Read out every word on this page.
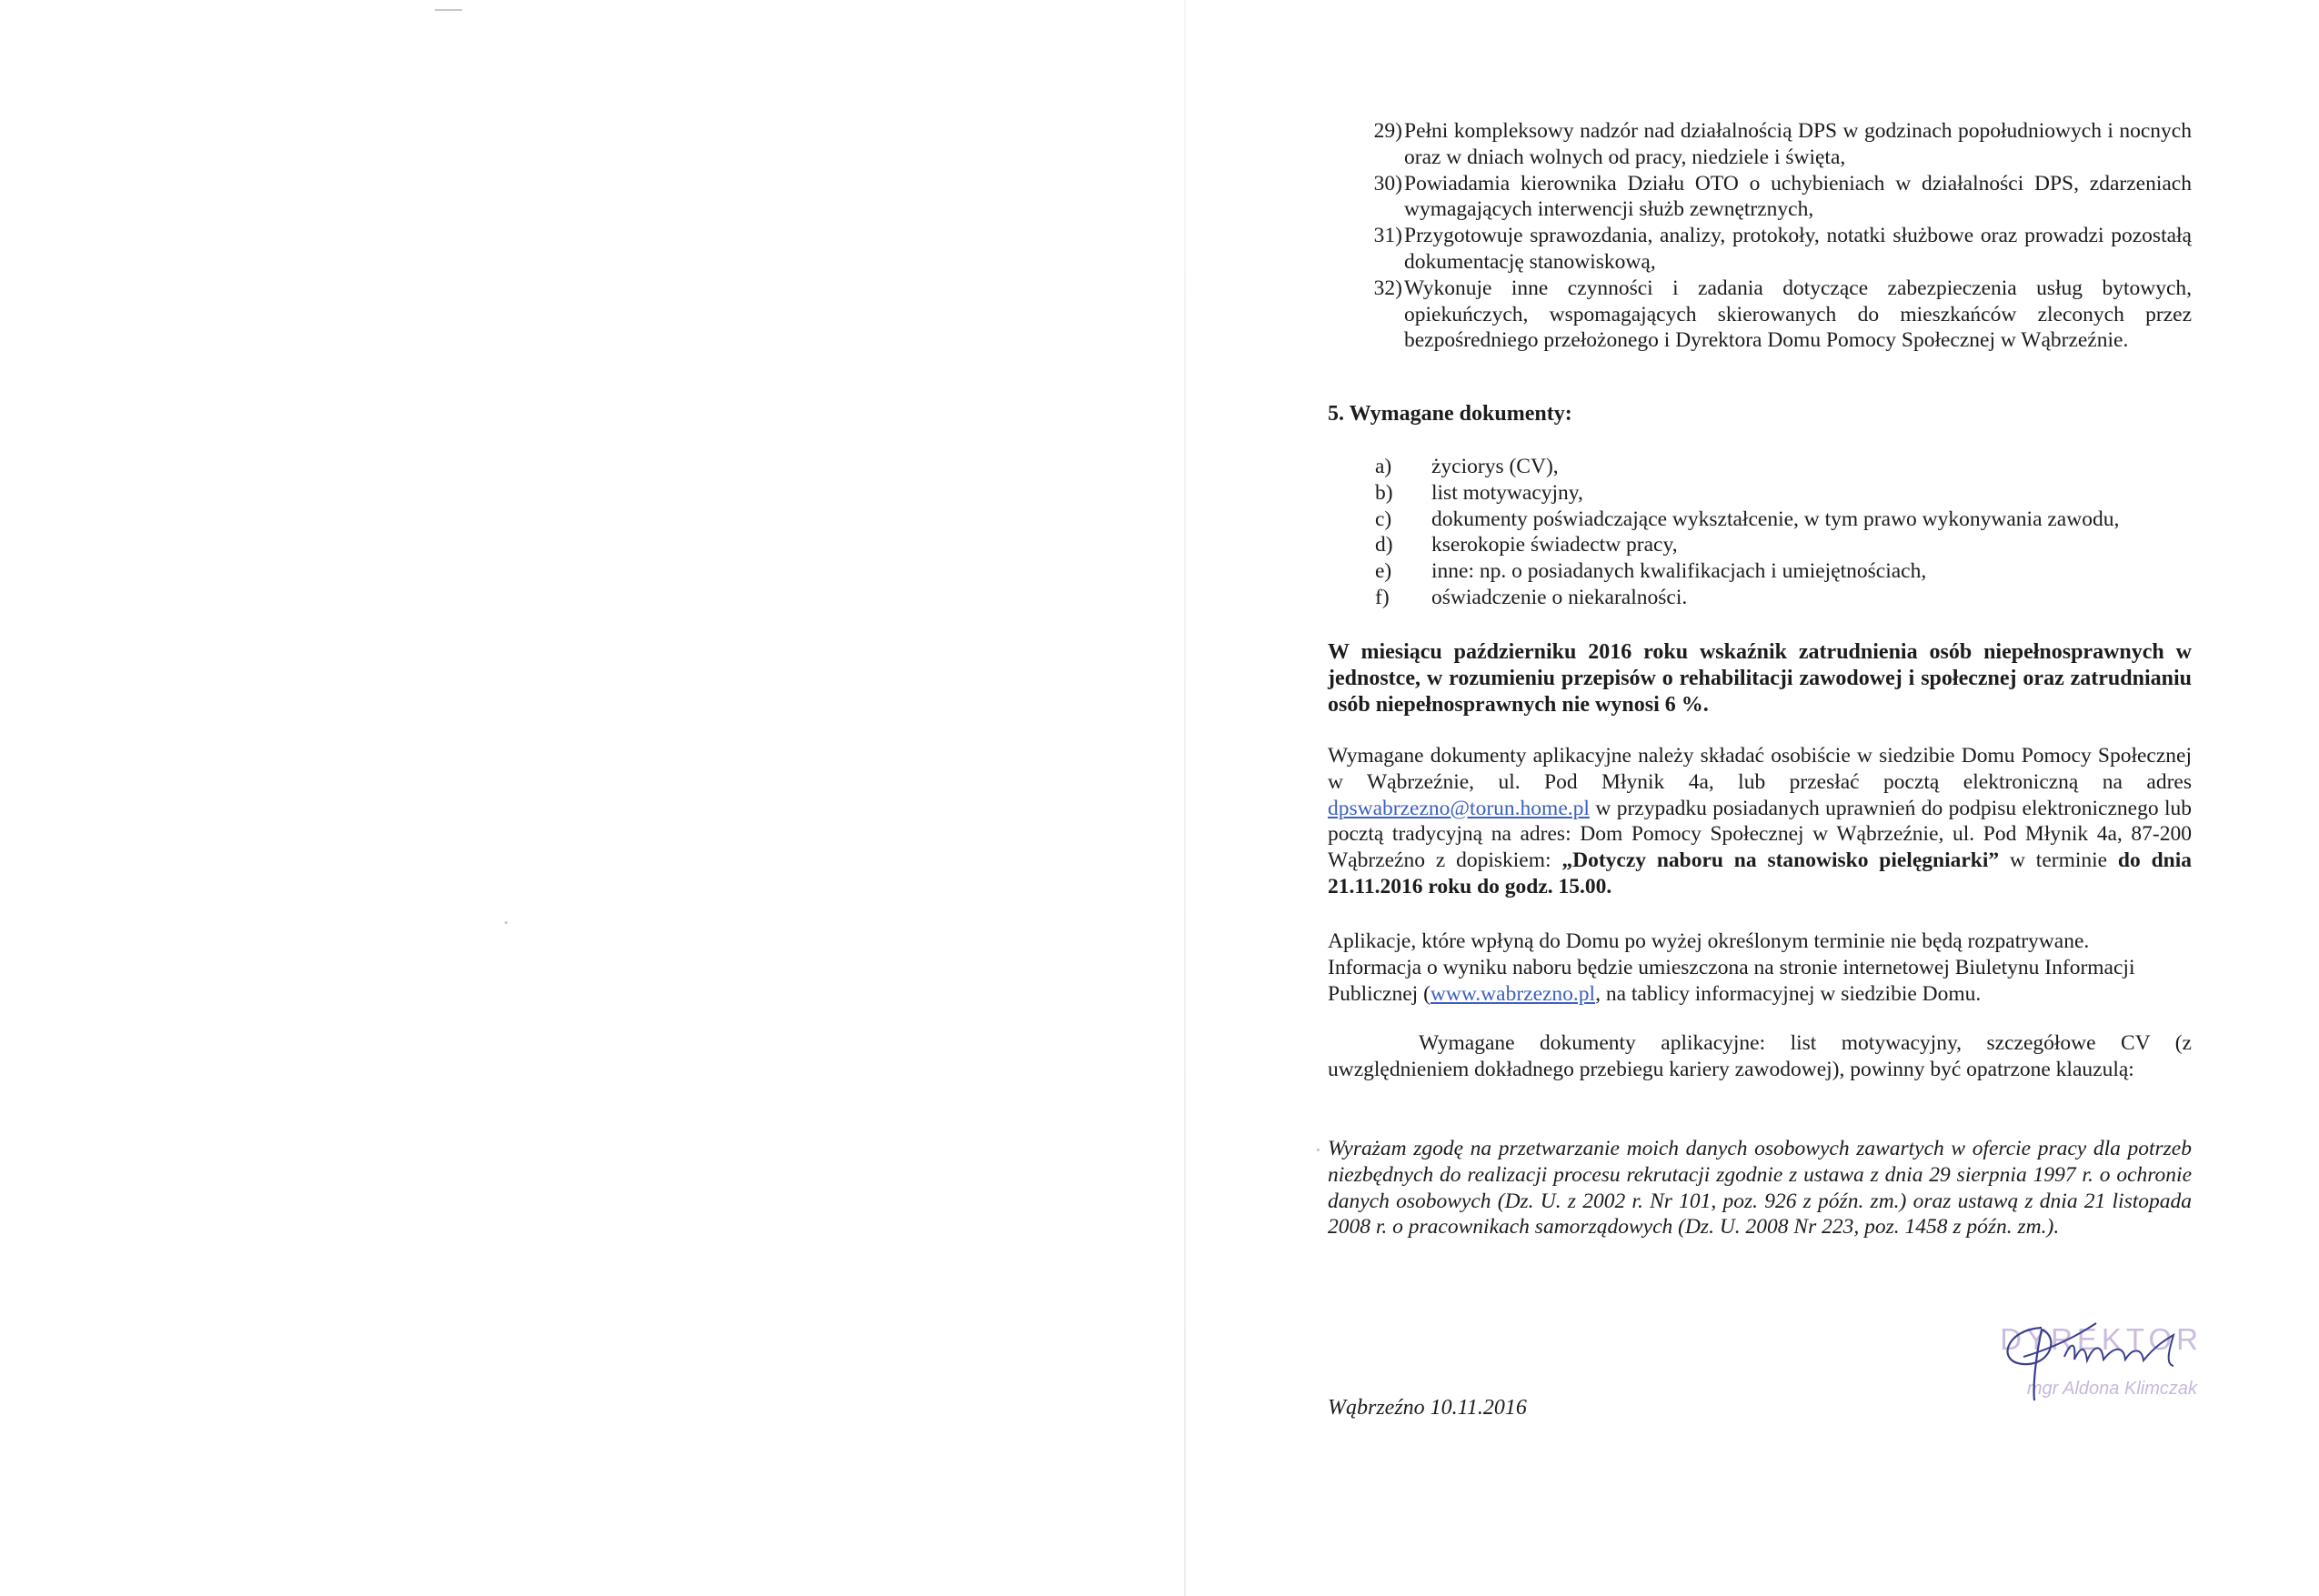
29) Pełni kompleksowy nadzór nad działalnością DPS w godzinach popołudniowych i nocnych oraz w dniach wolnych od pracy, niedziele i święta,
30) Powiadamia kierownika Działu OTO o uchybieniach w działalności DPS, zdarzeniach wymagających interwencji służb zewnętrznych,
31) Przygotowuje sprawozdania, analizy, protokoły, notatki służbowe oraz prowadzi pozostałą dokumentację stanowiskową,
32) Wykonuje inne czynności i zadania dotyczące zabezpieczenia usług bytowych, opiekuńczych, wspomagających skierowanych do mieszkańców zleconych przez bezpośredniego przełożonego i Dyrektora Domu Pomocy Społecznej w Wąbrzeźnie.
5. Wymagane dokumenty:
a)	życiorys (CV),
b)	list motywacyjny,
c)	dokumenty poświadczające wykształcenie, w tym prawo wykonywania zawodu,
d)	kserokopie świadectw pracy,
e)	inne: np. o posiadanych kwalifikacjach i umiejętnościach,
f)	oświadczenie o niekaralności.
W miesiącu październiku 2016 roku wskaźnik zatrudnienia osób niepełnosprawnych w jednostce, w rozumieniu przepisów o rehabilitacji zawodowej i społecznej oraz zatrudnianiu osób niepełnosprawnych nie wynosi 6 %.
Wymagane dokumenty aplikacyjne należy składać osobiście w siedzibie Domu Pomocy Społecznej w Wąbrzeźnie, ul. Pod Młynik 4a, lub przesłać pocztą elektroniczną na adres dpswabrzezno@torun.home.pl w przypadku posiadanych uprawnień do podpisu elektronicznego lub pocztą tradycyjną na adres: Dom Pomocy Społecznej w Wąbrzeźnie, ul. Pod Młynik 4a, 87-200 Wąbrzeźno z dopiskiem: „Dotyczy naboru na stanowisko pielęgniarki” w terminie do dnia 21.11.2016 roku do godz. 15.00.
Aplikacje, które wpłyną do Domu po wyżej określonym terminie nie będą rozpatrywane.
Informacja o wyniku naboru będzie umieszczona na stronie internetowej Biuletynu Informacji Publicznej (www.wabrzezno.pl, na tablicy informacyjnej w siedzibie Domu.
Wymagane dokumenty aplikacyjne: list motywacyjny, szczegółowe CV (z uwzględnieniem dokładnego przebiegu kariery zawodowej), powinny być opatrzone klauzulą:
Wyrażam zgodę na przetwarzanie moich danych osobowych zawartych w ofercie pracy dla potrzeb niezbędnych do realizacji procesu rekrutacji zgodnie z ustawa z dnia 29 sierpnia 1997 r. o ochronie danych osobowych (Dz. U. z 2002 r. Nr 101, poz. 926 z późn. zm.) oraz ustawą z dnia 21 listopada 2008 r. o pracownikach samorządowych (Dz. U. 2008 Nr 223, poz. 1458 z późn. zm.).
DYREKTOR
mgr Aldona Klimczak
Wąbrzeźno 10.11.2016
